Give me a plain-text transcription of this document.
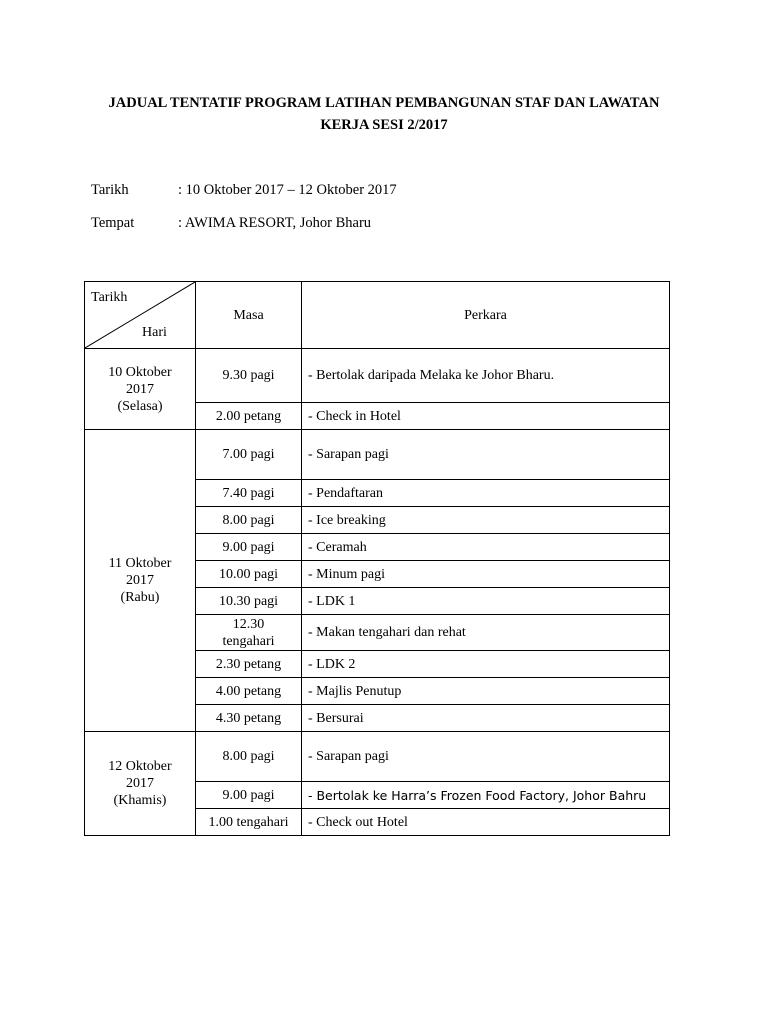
JADUAL TENTATIF PROGRAM LATIHAN PEMBANGUNAN STAF DAN LAWATAN
KERJA SESI 2/2017
Tarikh	: 10 Oktober 2017 – 12 Oktober 2017
Tempat	: AWIMA RESORT, Johor Bharu
Tarikh
Hari	Masa	Perkara

10 Oktober
2017
(Selasa)	9.30 pagi	- Bertolak daripada Melaka ke Johor Bharu.
	2.00 petang	- Check in Hotel

11 Oktober
2017
(Rabu)	7.00 pagi	- Sarapan pagi
	7.40 pagi	- Pendaftaran
	8.00 pagi	- Ice breaking
	9.00 pagi	- Ceramah
	10.00 pagi	- Minum pagi
	10.30 pagi	- LDK 1

	12.30
tengahari	- Makan tengahari dan rehat
	2.30 petang	- LDK 2
	4.00 petang	- Majlis Penutup
	4.30 petang	- Bersurai

12 Oktober
2017
(Khamis)	8.00 pagi	- Sarapan pagi
	9.00 pagi	- Bertolak ke Harra’s Frozen Food Factory, Johor Bahru
	1.00 tengahari	- Check out Hotel
